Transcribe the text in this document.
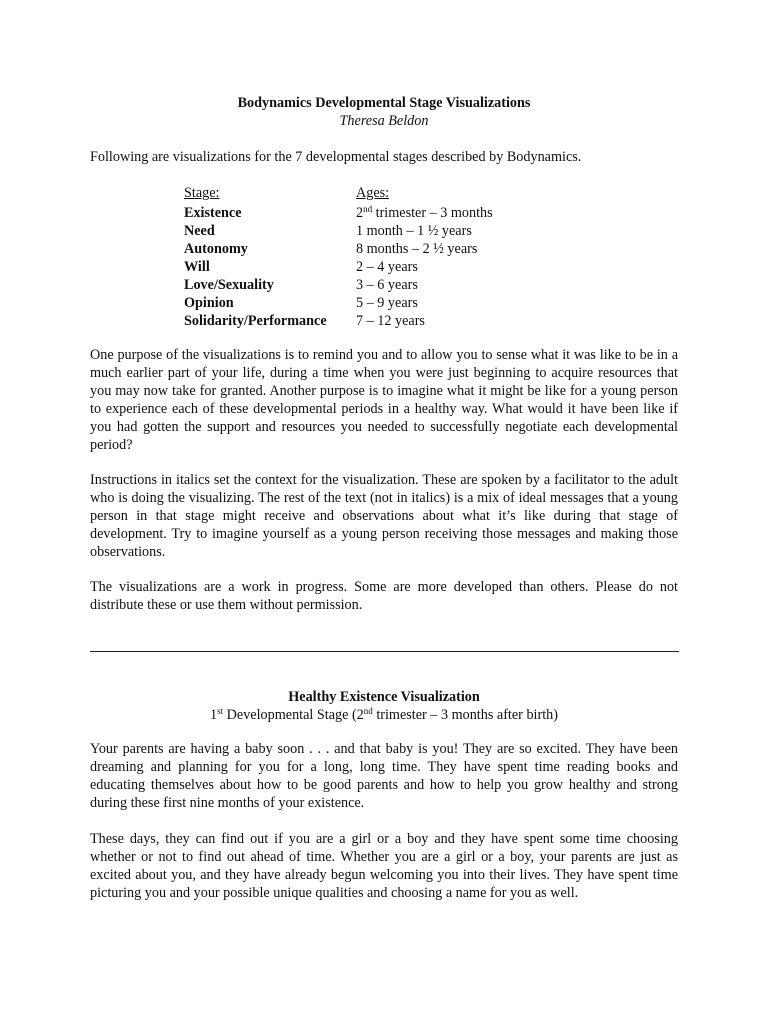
Bodynamics Developmental Stage Visualizations
Theresa Beldon
Following are visualizations for the 7 developmental stages described by Bodynamics.
Stage:	Ages:
Existence	2nd trimester – 3 months
Need	1 month – 1 ½ years
Autonomy	8 months – 2 ½ years
Will	2 – 4 years
Love/Sexuality	3 – 6 years
Opinion	5 – 9 years
Solidarity/Performance	7 – 12 years
One purpose of the visualizations is to remind you and to allow you to sense what it was like to be in a much earlier part of your life, during a time when you were just beginning to acquire resources that you may now take for granted. Another purpose is to imagine what it might be like for a young person to experience each of these developmental periods in a healthy way. What would it have been like if you had gotten the support and resources you needed to successfully negotiate each developmental period?
Instructions in italics set the context for the visualization. These are spoken by a facilitator to the adult who is doing the visualizing. The rest of the text (not in italics) is a mix of ideal messages that a young person in that stage might receive and observations about what it’s like during that stage of development. Try to imagine yourself as a young person receiving those messages and making those observations.
The visualizations are a work in progress. Some are more developed than others. Please do not distribute these or use them without permission.
Healthy Existence Visualization
1st Developmental Stage (2nd trimester – 3 months after birth)
Your parents are having a baby soon . . . and that baby is you! They are so excited. They have been dreaming and planning for you for a long, long time. They have spent time reading books and educating themselves about how to be good parents and how to help you grow healthy and strong during these first nine months of your existence.
These days, they can find out if you are a girl or a boy and they have spent some time choosing whether or not to find out ahead of time. Whether you are a girl or a boy, your parents are just as excited about you, and they have already begun welcoming you into their lives. They have spent time picturing you and your possible unique qualities and choosing a name for you as well.
